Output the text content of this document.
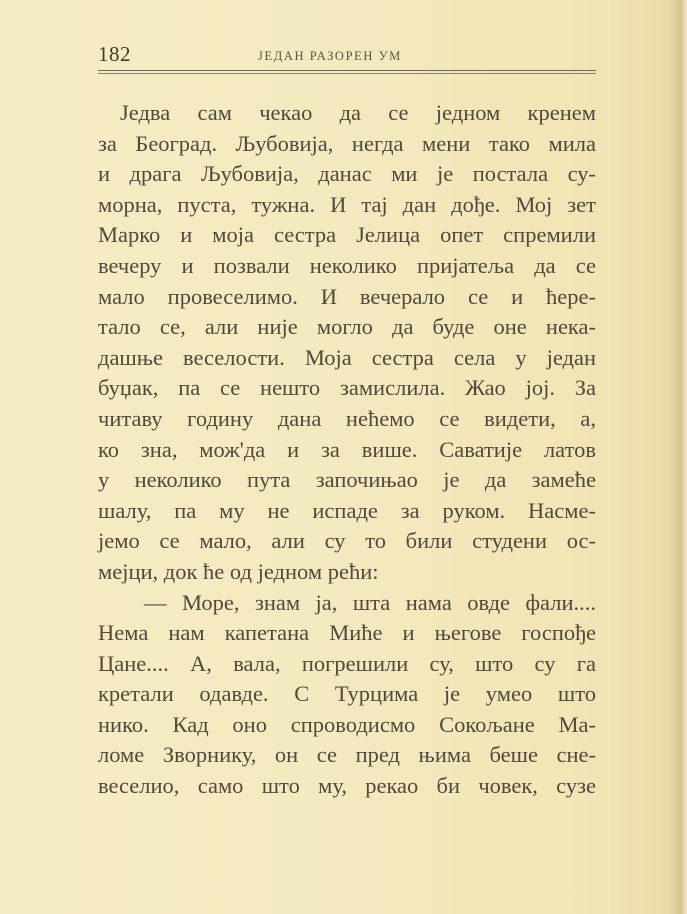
182	ЈЕДАН РАЗОРЕН УМ
Једва сам чекао да се једном кренем
за Београд. Љубовија, негда мени тако мила
и драга Љубовија, данас ми је постала су-
морна, пуста, тужна. И тај дан дође. Мој зет
Марко и моја сестра Јелица опет спремили
вечеру и позвали неколико пријатеља да се
мало провеселимо. И вечерало се и ћере-
тало се, али није могло да буде оне нека-
дашње веселости. Моја сестра села у један
буџак, па се нешто замислила. Жао јој. За
читаву годину дана нећемо се видети, а,
ко зна, мож'да и за више. Саватије латов
у неколико пута започињао је да замеће
шалу, па му не испаде за руком. Насме-
јемо се мало, али су то били студени ос-
мејци, док ће од једном рећи:
— Море, знам ја, шта нама овде фали....
Нема нам капетана Миће и његове госпође
Цане.... А, вала, погрешили су, што су га
кретали одавде. С Турцима је умео што
нико. Кад оно спроводисмо Сокољане Ма-
ломе Зворнику, он се пред њима беше сне-
веселио, само што му, рекао би човек, сузе
